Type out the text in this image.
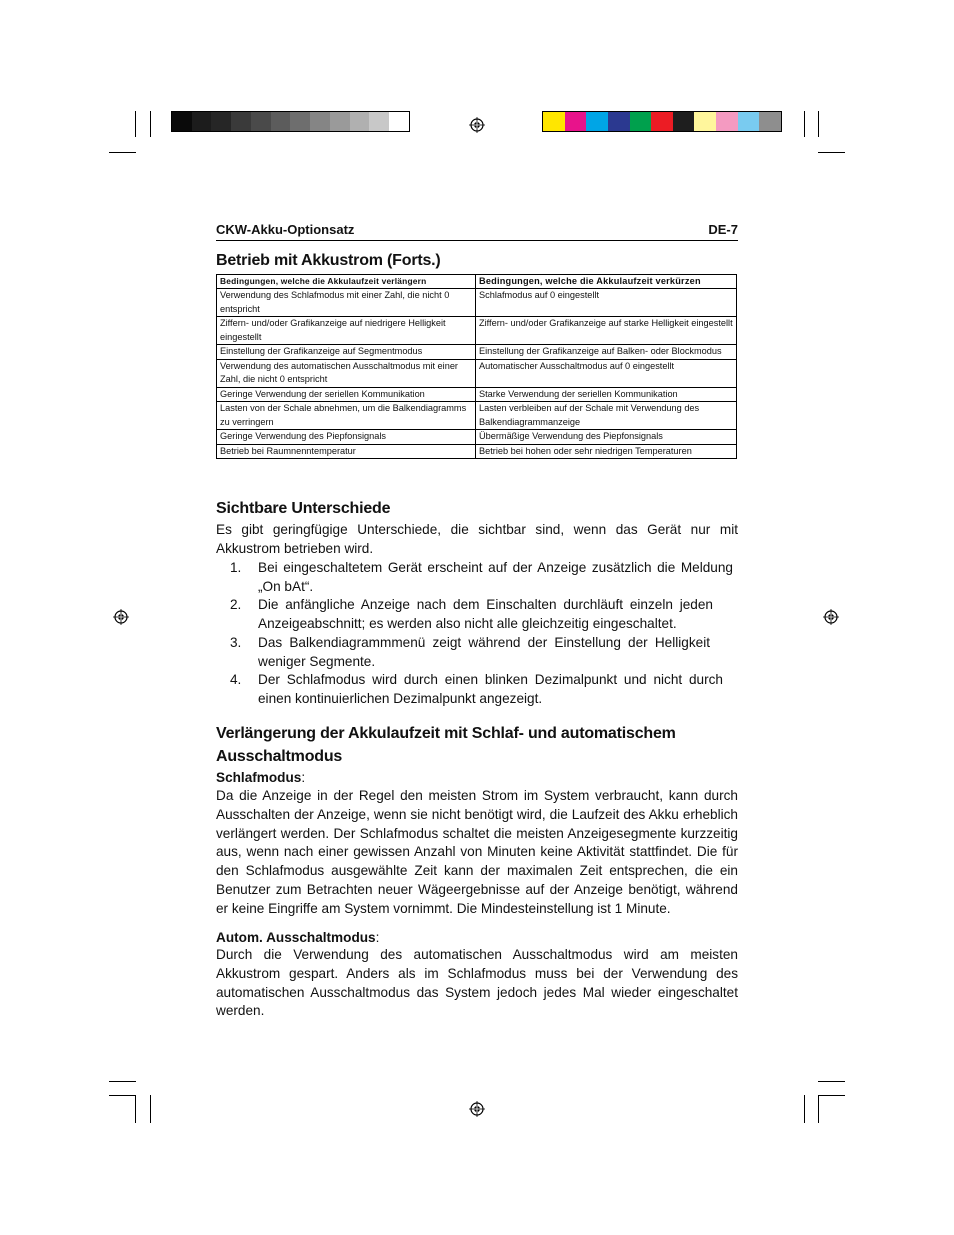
CKW-Akku-Optionsatz	DE-7
Betrieb mit Akkustrom (Forts.)
Bedingungen, welche die Akkulaufzeit verlängern	Bedingungen, welche die Akkulaufzeit verkürzen
Verwendung des Schlafmodus mit einer Zahl, die nicht 0 entspricht	Schlafmodus auf 0 eingestellt
Ziffern- und/oder Grafikanzeige auf niedrigere Helligkeit eingestellt	Ziffern- und/oder Grafikanzeige auf starke Helligkeit eingestellt
Einstellung der Grafikanzeige auf Segmentmodus	Einstellung der Grafikanzeige auf Balken- oder Blockmodus
Verwendung des automatischen Ausschaltmodus mit einer Zahl, die nicht 0 entspricht	Automatischer Ausschaltmodus auf 0 eingestellt
Geringe Verwendung der seriellen Kommunikation	Starke Verwendung der seriellen Kommunikation
Lasten von der Schale abnehmen, um die Balkendiagramms zu verringern	Lasten verbleiben auf der Schale mit Verwendung des Balkendiagrammanzeige
Geringe Verwendung des Piepfonsignals	Übermäßige Verwendung des Piepfonsignals
Betrieb bei Raumnenntemperatur	Betrieb bei hohen oder sehr niedrigen Temperaturen
Sichtbare Unterschiede
Es gibt geringfügige Unterschiede, die sichtbar sind, wenn das Gerät nur mit Akkustrom betrieben wird.
1. Bei eingeschaltetem Gerät erscheint auf der Anzeige zusätzlich die Meldung „On bAt“.
2. Die anfängliche Anzeige nach dem Einschalten durchläuft einzeln jeden Anzeigeabschnitt; es werden also nicht alle gleichzeitig eingeschaltet.
3. Das Balkendiagrammmenü zeigt während der Einstellung der Helligkeit weniger Segmente.
4. Der Schlafmodus wird durch einen blinken Dezimalpunkt und nicht durch einen kontinuierlichen Dezimalpunkt angezeigt.
Verlängerung der Akkulaufzeit mit Schlaf- und automatischem
Ausschaltmodus
Schlafmodus:
Da die Anzeige in der Regel den meisten Strom im System verbraucht, kann durch Ausschalten der Anzeige, wenn sie nicht benötigt wird, die Laufzeit des Akku erheblich verlängert werden. Der Schlafmodus schaltet die meisten Anzeigesegmente kurzzeitig aus, wenn nach einer gewissen Anzahl von Minuten keine Aktivität stattfindet. Die für den Schlafmodus ausgewählte Zeit kann der maximalen Zeit entsprechen, die ein Benutzer zum Betrachten neuer Wägeergebnisse auf der Anzeige benötigt, während er keine Eingriffe am System vornimmt. Die Mindesteinstellung ist 1 Minute.
Autom. Ausschaltmodus:
Durch die Verwendung des automatischen Ausschaltmodus wird am meisten Akkustrom gespart. Anders als im Schlafmodus muss bei der Verwendung des automatischen Ausschaltmodus das System jedoch jedes Mal wieder eingeschaltet werden.
